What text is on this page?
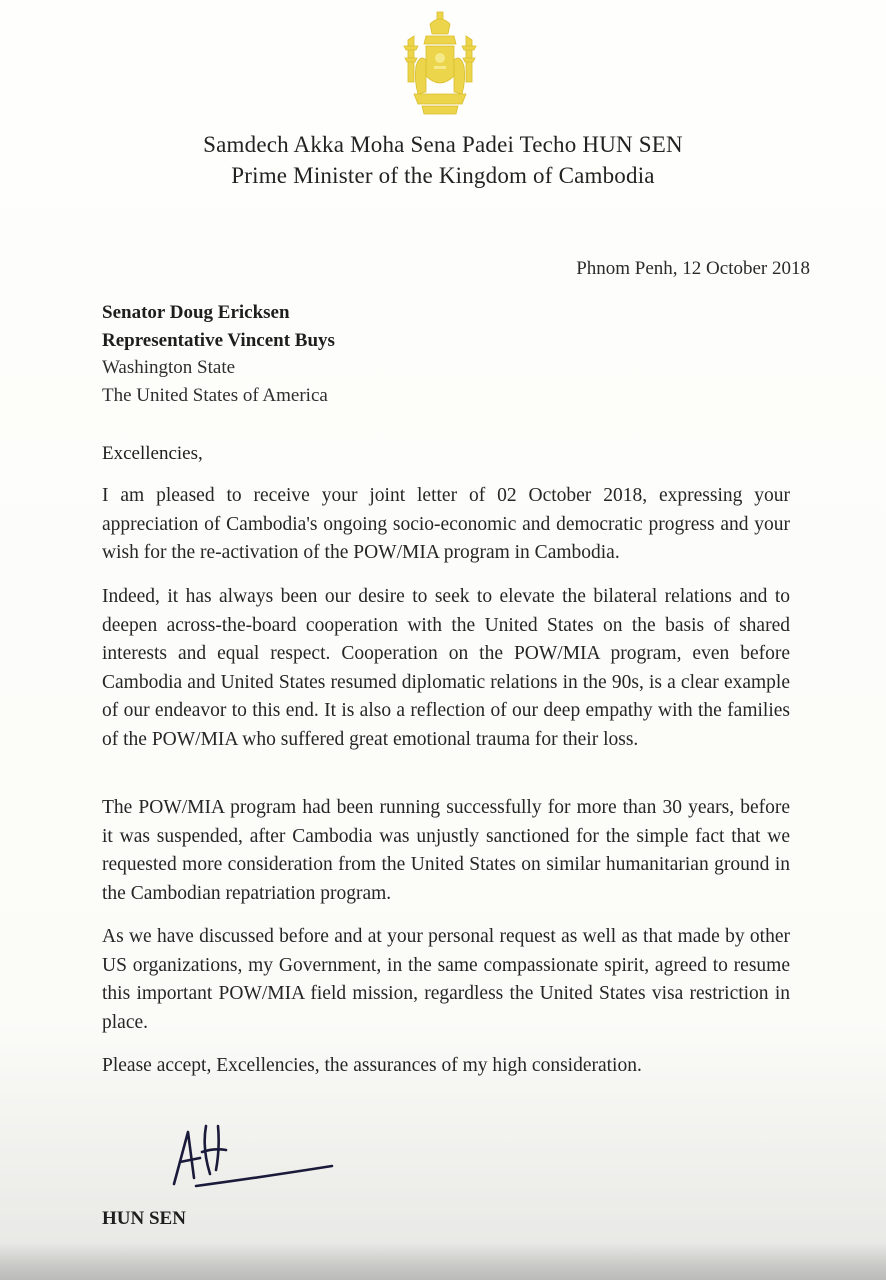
Samdech Akka Moha Sena Padei Techo HUN SEN
Prime Minister of the Kingdom of Cambodia
Phnom Penh, 12 October 2018
Senator Doug Ericksen
Representative Vincent Buys
Washington State
The United States of America
Excellencies,

I am pleased to receive your joint letter of 02 October 2018, expressing your appreciation of Cambodia's ongoing socio-economic and democratic progress and your wish for the re-activation of the POW/MIA program in Cambodia.

Indeed, it has always been our desire to seek to elevate the bilateral relations and to deepen across-the-board cooperation with the United States on the basis of shared interests and equal respect. Cooperation on the POW/MIA program, even before Cambodia and United States resumed diplomatic relations in the 90s, is a clear example of our endeavor to this end. It is also a reflection of our deep empathy with the families of the POW/MIA who suffered great emotional trauma for their loss.

The POW/MIA program had been running successfully for more than 30 years, before it was suspended, after Cambodia was unjustly sanctioned for the simple fact that we requested more consideration from the United States on similar humanitarian ground in the Cambodian repatriation program.

As we have discussed before and at your personal request as well as that made by other US organizations, my Government, in the same compassionate spirit, agreed to resume this important POW/MIA field mission, regardless the United States visa restriction in place.

Please accept, Excellencies, the assurances of my high consideration.

HUN SEN
